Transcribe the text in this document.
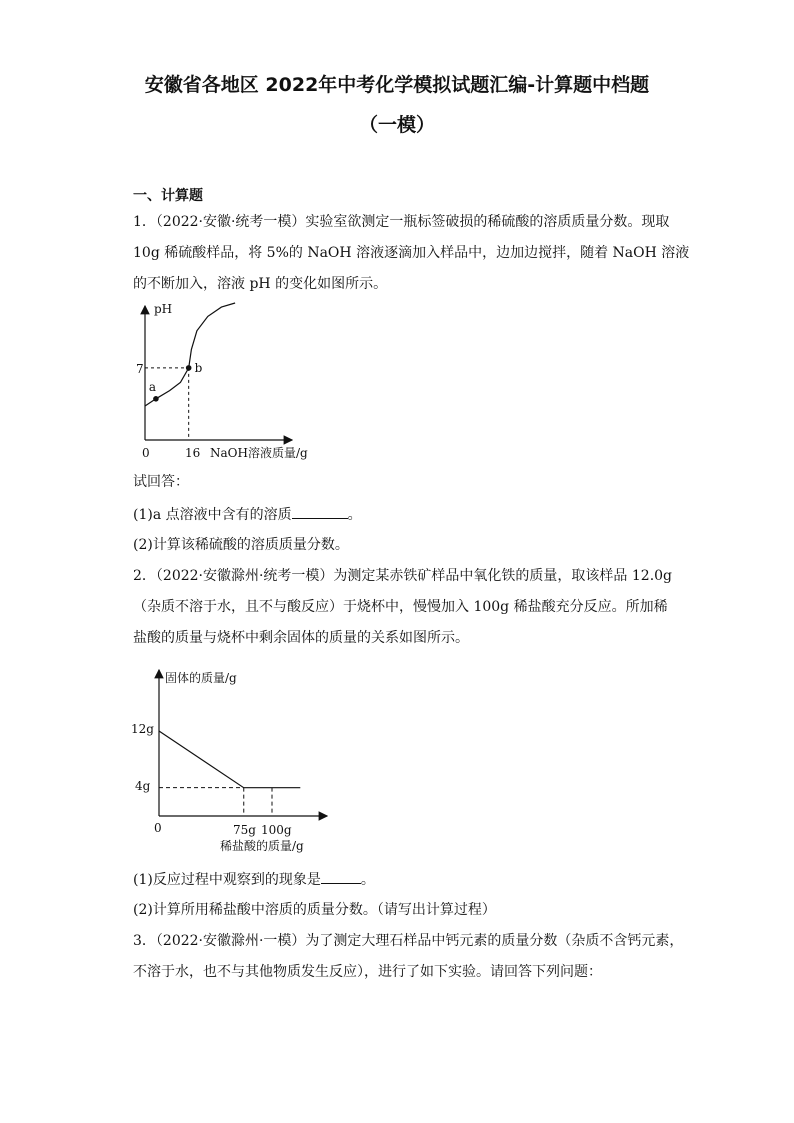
安徽省各地区 2022年中考化学模拟试题汇编-计算题中档题
（一模）
一、计算题
1．（2022·安徽·统考一模）实验室欲测定一瓶标签破损的稀硫酸的溶质质量分数。现取
10g 稀硫酸样品，将 5%的 NaOH 溶液逐滴加入样品中，边加边搅拌，随着 NaOH 溶液
的不断加入，溶液 pH 的变化如图所示。
pH
0
7
16 NaOH溶液质量/g
a
b
试回答：
(1)a 点溶液中含有的溶质	。
(2)计算该稀硫酸的溶质质量分数。
2．（2022·安徽滁州·统考一模）为测定某赤铁矿样品中氧化铁的质量，取该样品 12.0g
（杂质不溶于水，且不与酸反应）于烧杯中，慢慢加入 100g 稀盐酸充分反应。所加稀
盐酸的质量与烧杯中剩余固体的质量的关系如图所示。
固体的质量/g
12g
4g
0	75g 100g
稀盐酸的质量/g
(1)反应过程中观察到的现象是	。
(2)计算所用稀盐酸中溶质的质量分数。（请写出计算过程）
3．（2022·安徽滁州·一模）为了测定大理石样品中钙元素的质量分数（杂质不含钙元素，
不溶于水，也不与其他物质发生反应），进行了如下实验。请回答下列问题：
